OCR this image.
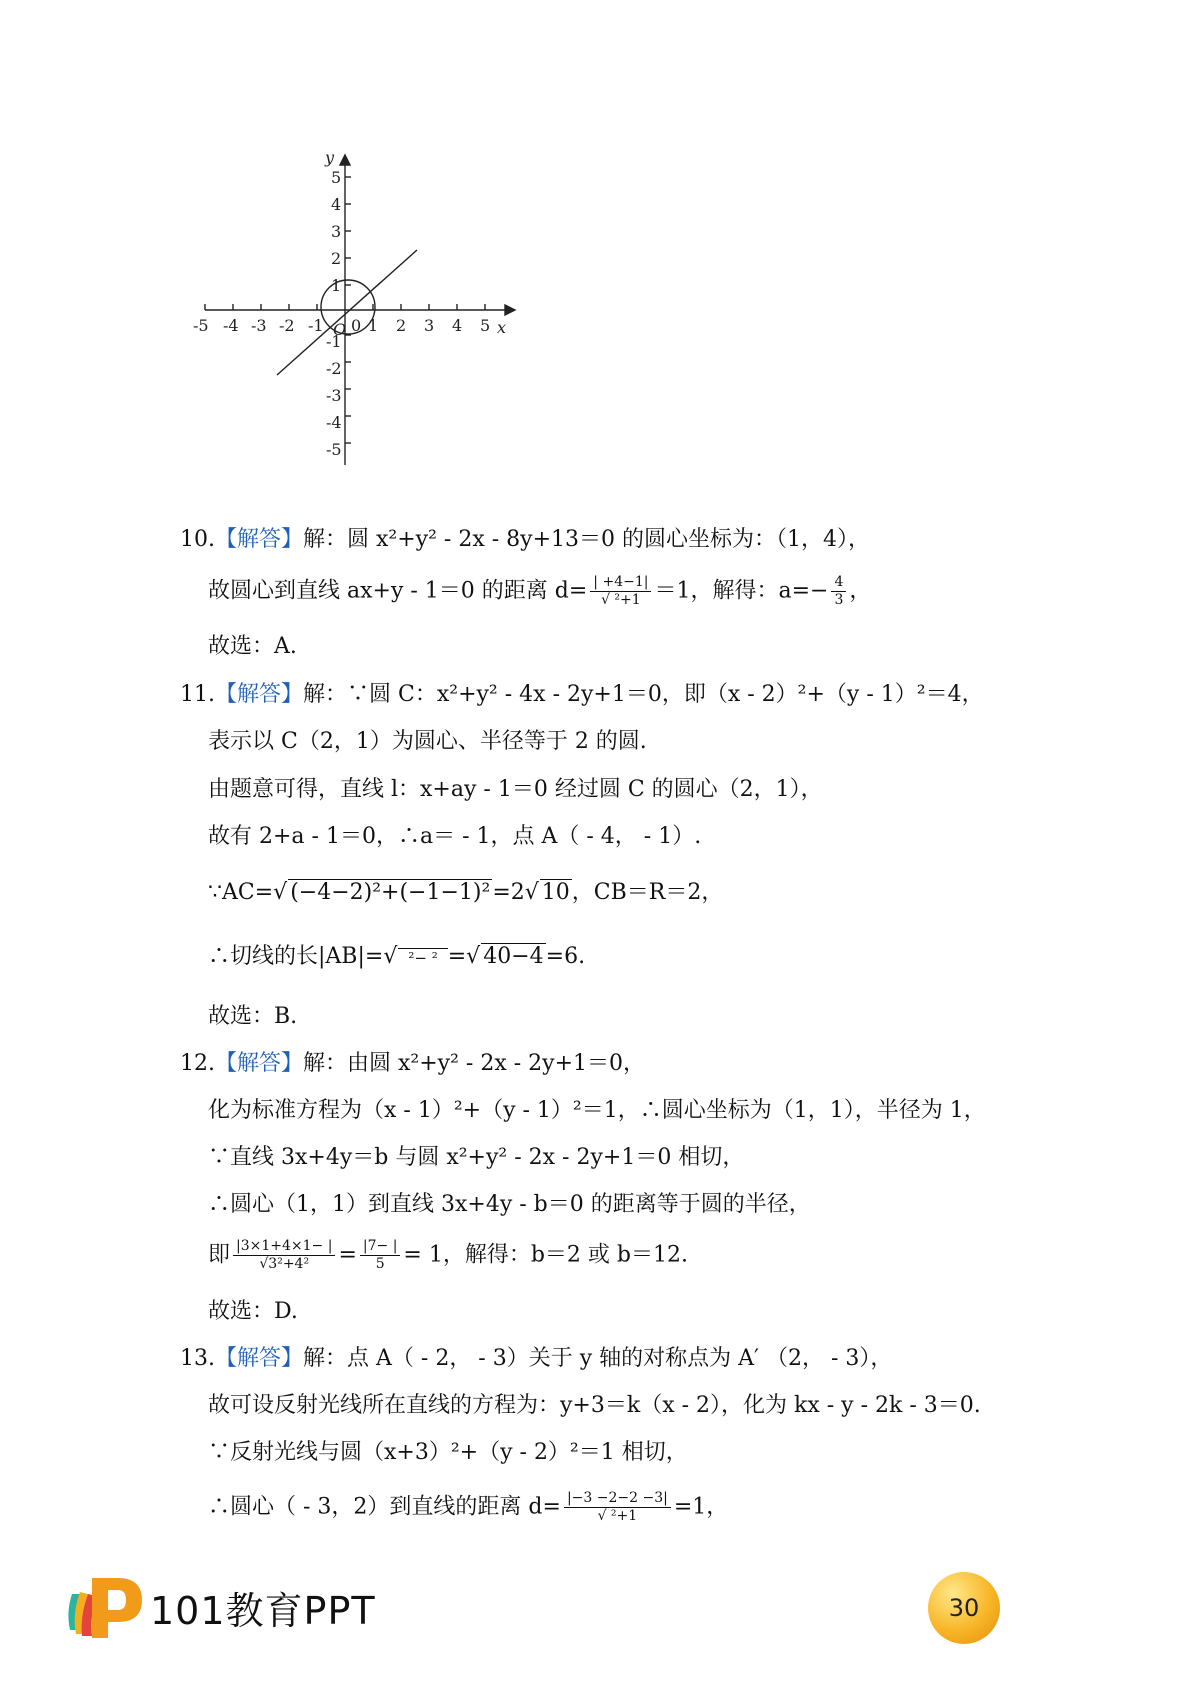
-5 -4 -3 -2 -1	1 2 3 4 5 x
y
0
O
5
4
3
2
1
-1
-2
-3
-4
-5
10.【解答】解：圆 x²+y² - 2x - 8y+13＝0 的圆心坐标为：（1，4），
故圆心到直线 ax+y - 1＝0 的距离 $d= \frac{| +4-1|}{\text{√ ²+1}} =1$，解得：$a=- \frac{4}{3}$ ，
故选：A.
11.【解答】解：∵圆 C：x²+y² - 4x - 2y+1＝0，即（x - 2）²+（y - 1）²＝4，
表示以 C（2，1）为圆心、半径等于 2 的圆.
由题意可得，直线 l：x+ay - 1＝0 经过圆 C 的圆心（2，1），
故有 2+a - 1＝0，∴a＝ - 1，点 A（ - 4， - 1）.
∵AC=√ (−4−2)²+(−1−1)²=2√ 10，CB＝R＝2，
∴切线的长|AB|=√ ²− ² =√ 40−4=6.
故选：B.
12.【解答】解：由圆 x²+y² - 2x - 2y+1＝0，
化为标准方程为（x - 1）²+（y - 1）²＝1，∴圆心坐标为（1，1），半径为 1，
∵直线 3x+4y＝b 与圆 x²+y² - 2x - 2y+1＝0 相切，
∴圆心（1，1）到直线 3x+4y - b＝0 的距离等于圆的半径，
即 $\frac{|3\times 1+4\times 1- |}{\text{√3²+4²}} = \frac{|7- |}{5} = 1$，解得：b＝2 或 b＝12.
故选：D.
13.【解答】解：点 A（ - 2， - 3）关于 y 轴的对称点为 A′ （2， - 3），
故可设反射光线所在直线的方程为：y+3＝k（x - 2），化为 kx - y - 2k - 3＝0.
∵反射光线与圆（x+3）²+（y - 2）²＝1 相切，
∴圆心（ - 3，2）到直线的距离 $d= \frac{|-3 -2-2 -3|}{\text{√ ²+1}} =1$，
101教育PPT	30
